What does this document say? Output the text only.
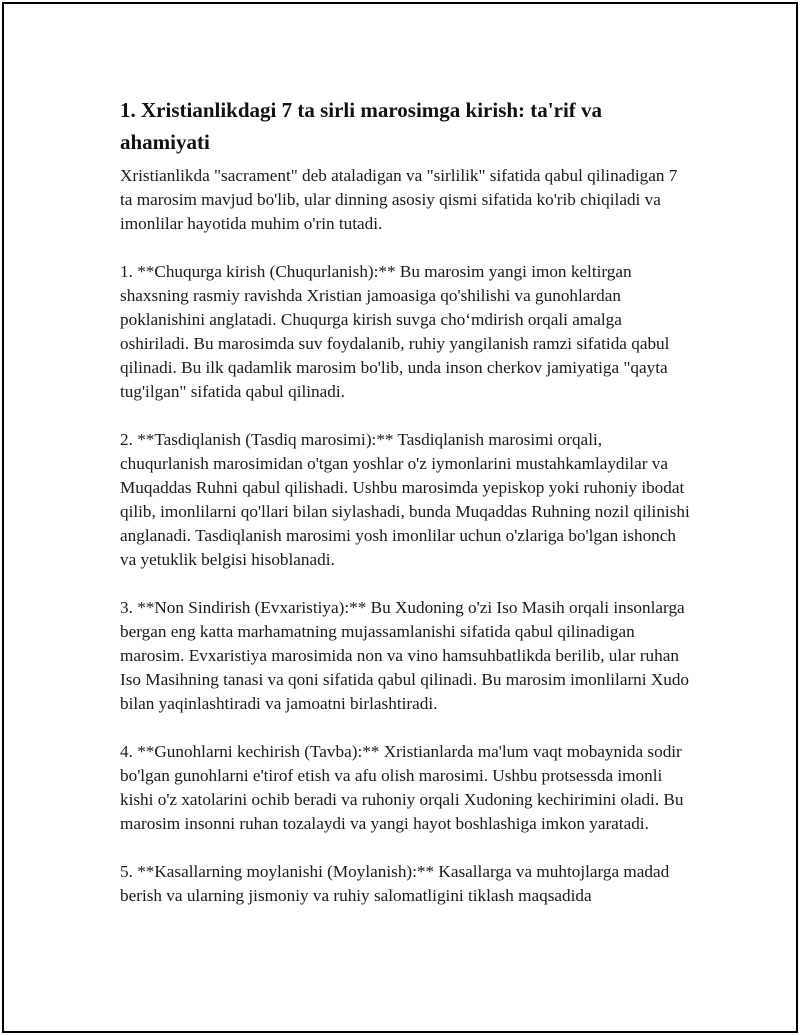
1. Xristianlikdagi 7 ta sirli marosimga kirish: ta'rif va ahamiyati

Xristianlikda "sacrament" deb ataladigan va "sirlilik" sifatida qabul qilinadigan 7 ta marosim mavjud bo'lib, ular dinning asosiy qismi sifatida ko'rib chiqiladi va imonlilar hayotida muhim o'rin tutadi.

1. **Chuqurga kirish (Chuqurlanish):** Bu marosim yangi imon keltirgan shaxsning rasmiy ravishda Xristian jamoasiga qo'shilishi va gunohlardan poklanishini anglatadi. Chuqurga kirish suvga cho‘mdirish orqali amalga oshiriladi. Bu marosimda suv foydalanib, ruhiy yangilanish ramzi sifatida qabul qilinadi. Bu ilk qadamlik marosim bo'lib, unda inson cherkov jamiyatiga "qayta tug'ilgan" sifatida qabul qilinadi.

2. **Tasdiqlanish (Tasdiq marosimi):** Tasdiqlanish marosimi orqali, chuqurlanish marosimidan o'tgan yoshlar o'z iymonlarini mustahkamlaydilar va Muqaddas Ruhni qabul qilishadi. Ushbu marosimda yepiskop yoki ruhoniy ibodat qilib, imonlilarni qo'llari bilan siylashadi, bunda Muqaddas Ruhning nozil qilinishi anglanadi. Tasdiqlanish marosimi yosh imonlilar uchun o'zlariga bo'lgan ishonch va yetuklik belgisi hisoblanadi.

3. **Non Sindirish (Evxaristiya):** Bu Xudoning o'zi Iso Masih orqali insonlarga bergan eng katta marhamatning mujassamlanishi sifatida qabul qilinadigan marosim. Evxaristiya marosimida non va vino hamsuhbatlikda berilib, ular ruhan Iso Masihning tanasi va qoni sifatida qabul qilinadi. Bu marosim imonlilarni Xudo bilan yaqinlashtiradi va jamoatni birlashtiradi.

4. **Gunohlarni kechirish (Tavba):** Xristianlarda ma'lum vaqt mobaynida sodir bo'lgan gunohlarni e'tirof etish va afu olish marosimi. Ushbu protsessda imonli kishi o'z xatolarini ochib beradi va ruhoniy orqali Xudoning kechirimini oladi. Bu marosim insonni ruhan tozalaydi va yangi hayot boshlashiga imkon yaratadi.

5. **Kasallarning moylanishi (Moylanish):** Kasallarga va muhtojlarga madad berish va ularning jismoniy va ruhiy salomatligini tiklash maqsadida
